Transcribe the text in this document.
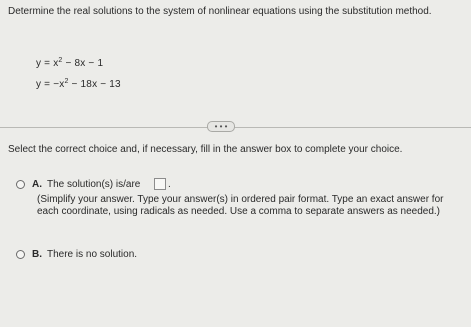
Determine the real solutions to the system of nonlinear equations using the substitution method.
$y = x^2 - 8x - 1$
$y = -x^2 - 18x - 13$
• • •
Select the correct choice and, if necessary, fill in the answer box to complete your choice.
A. The solution(s) is/are	.
(Simplify your answer. Type your answer(s) in ordered pair format. Type an exact answer for each coordinate, using radicals as needed. Use a comma to separate answers as needed.)
B. There is no solution.
